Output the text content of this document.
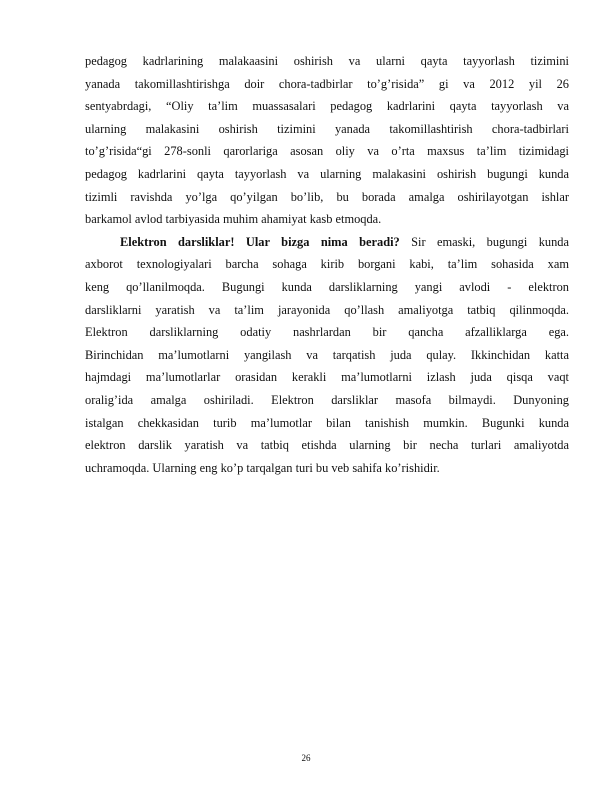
pedagog kadrlarining malakaasini oshirish va ularni qayta tayyorlash tizimini
yanada takomillashtirishga doir chora-tadbirlar to’g’risida” gi va 2012 yil 26
sentyabrdagi, “Oliy ta’lim muassasalari pedagog kadrlarini qayta tayyorlash va
ularning malakasini oshirish tizimini yanada takomillashtirish chora-tadbirlari
to’g’risida“gi 278-sonli qarorlariga asosan oliy va o’rta maxsus ta’lim tizimidagi
pedagog kadrlarini qayta tayyorlash va ularning malakasini oshirish bugungi kunda
tizimli ravishda yo’lga qo’yilgan bo’lib, bu borada amalga oshirilayotgan ishlar
barkamol avlod tarbiyasida muhim ahamiyat kasb etmoqda.
Elektron darsliklar! Ular bizga nima beradi? Sir emaski, bugungi kunda
axborot texnologiyalari barcha sohaga kirib borgani kabi, ta’lim sohasida xam
keng qo’llanilmoqda. Bugungi kunda darsliklarning yangi avlodi - elektron
darsliklarni yaratish va ta’lim jarayonida qo’llash amaliyotga tatbiq qilinmoqda.
Elektron darsliklarning odatiy nashrlardan bir qancha afzalliklarga ega.
Birinchidan ma’lumotlarni yangilash va tarqatish juda qulay. Ikkinchidan katta
hajmdagi ma’lumotlarlar orasidan kerakli ma’lumotlarni izlash juda qisqa vaqt
oralig’ida amalga oshiriladi. Elektron darsliklar masofa bilmaydi. Dunyoning
istalgan chekkasidan turib ma’lumotlar bilan tanishish mumkin. Bugunki kunda
elektron darslik yaratish va tatbiq etishda ularning bir necha turlari amaliyotda
uchramoqda. Ularning eng ko’p tarqalgan turi bu veb sahifa ko’rishidir.
26
